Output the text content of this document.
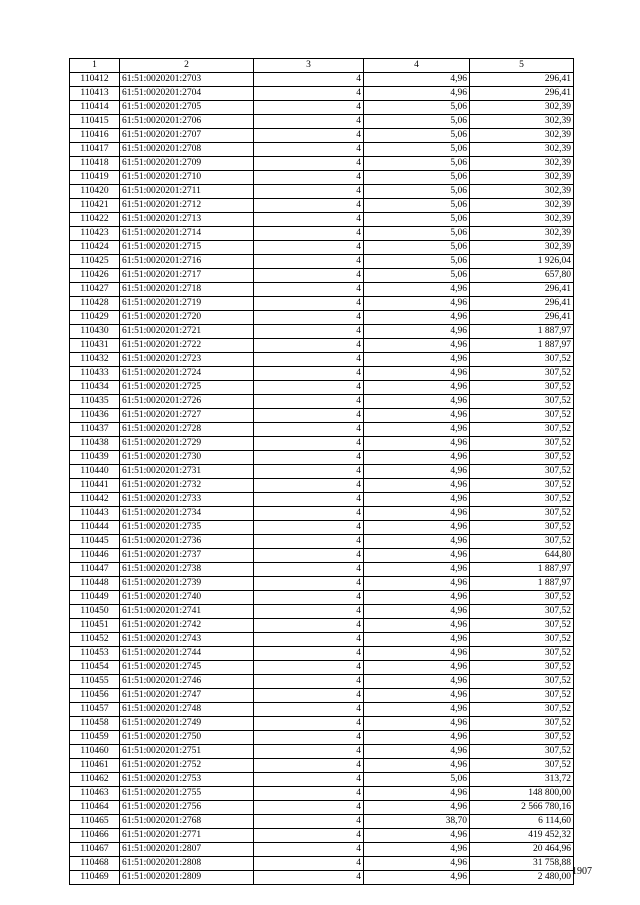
1	2	3	4	5
110412	61:51:0020201:2703	4	4,96	296,41
110413	61:51:0020201:2704	4	4,96	296,41
110414	61:51:0020201:2705	4	5,06	302,39
110415	61:51:0020201:2706	4	5,06	302,39
110416	61:51:0020201:2707	4	5,06	302,39
110417	61:51:0020201:2708	4	5,06	302,39
110418	61:51:0020201:2709	4	5,06	302,39
110419	61:51:0020201:2710	4	5,06	302,39
110420	61:51:0020201:2711	4	5,06	302,39
110421	61:51:0020201:2712	4	5,06	302,39
110422	61:51:0020201:2713	4	5,06	302,39
110423	61:51:0020201:2714	4	5,06	302,39
110424	61:51:0020201:2715	4	5,06	302,39
110425	61:51:0020201:2716	4	5,06	1 926,04
110426	61:51:0020201:2717	4	5,06	657,80
110427	61:51:0020201:2718	4	4,96	296,41
110428	61:51:0020201:2719	4	4,96	296,41
110429	61:51:0020201:2720	4	4,96	296,41
110430	61:51:0020201:2721	4	4,96	1 887,97
110431	61:51:0020201:2722	4	4,96	1 887,97
110432	61:51:0020201:2723	4	4,96	307,52
110433	61:51:0020201:2724	4	4,96	307,52
110434	61:51:0020201:2725	4	4,96	307,52
110435	61:51:0020201:2726	4	4,96	307,52
110436	61:51:0020201:2727	4	4,96	307,52
110437	61:51:0020201:2728	4	4,96	307,52
110438	61:51:0020201:2729	4	4,96	307,52
110439	61:51:0020201:2730	4	4,96	307,52
110440	61:51:0020201:2731	4	4,96	307,52
110441	61:51:0020201:2732	4	4,96	307,52
110442	61:51:0020201:2733	4	4,96	307,52
110443	61:51:0020201:2734	4	4,96	307,52
110444	61:51:0020201:2735	4	4,96	307,52
110445	61:51:0020201:2736	4	4,96	307,52
110446	61:51:0020201:2737	4	4,96	644,80
110447	61:51:0020201:2738	4	4,96	1 887,97
110448	61:51:0020201:2739	4	4,96	1 887,97
110449	61:51:0020201:2740	4	4,96	307,52
110450	61:51:0020201:2741	4	4,96	307,52
110451	61:51:0020201:2742	4	4,96	307,52
110452	61:51:0020201:2743	4	4,96	307,52
110453	61:51:0020201:2744	4	4,96	307,52
110454	61:51:0020201:2745	4	4,96	307,52
110455	61:51:0020201:2746	4	4,96	307,52
110456	61:51:0020201:2747	4	4,96	307,52
110457	61:51:0020201:2748	4	4,96	307,52
110458	61:51:0020201:2749	4	4,96	307,52
110459	61:51:0020201:2750	4	4,96	307,52
110460	61:51:0020201:2751	4	4,96	307,52
110461	61:51:0020201:2752	4	4,96	307,52
110462	61:51:0020201:2753	4	5,06	313,72
110463	61:51:0020201:2755	4	4,96	148 800,00
110464	61:51:0020201:2756	4	4,96	2 566 780,16
110465	61:51:0020201:2768	4	38,70	6 114,60
110466	61:51:0020201:2771	4	4,96	419 452,32
110467	61:51:0020201:2807	4	4,96	20 464,96
110468	61:51:0020201:2808	4	4,96	31 758,88
110469	61:51:0020201:2809	4	4,96	2 480,00 1907
